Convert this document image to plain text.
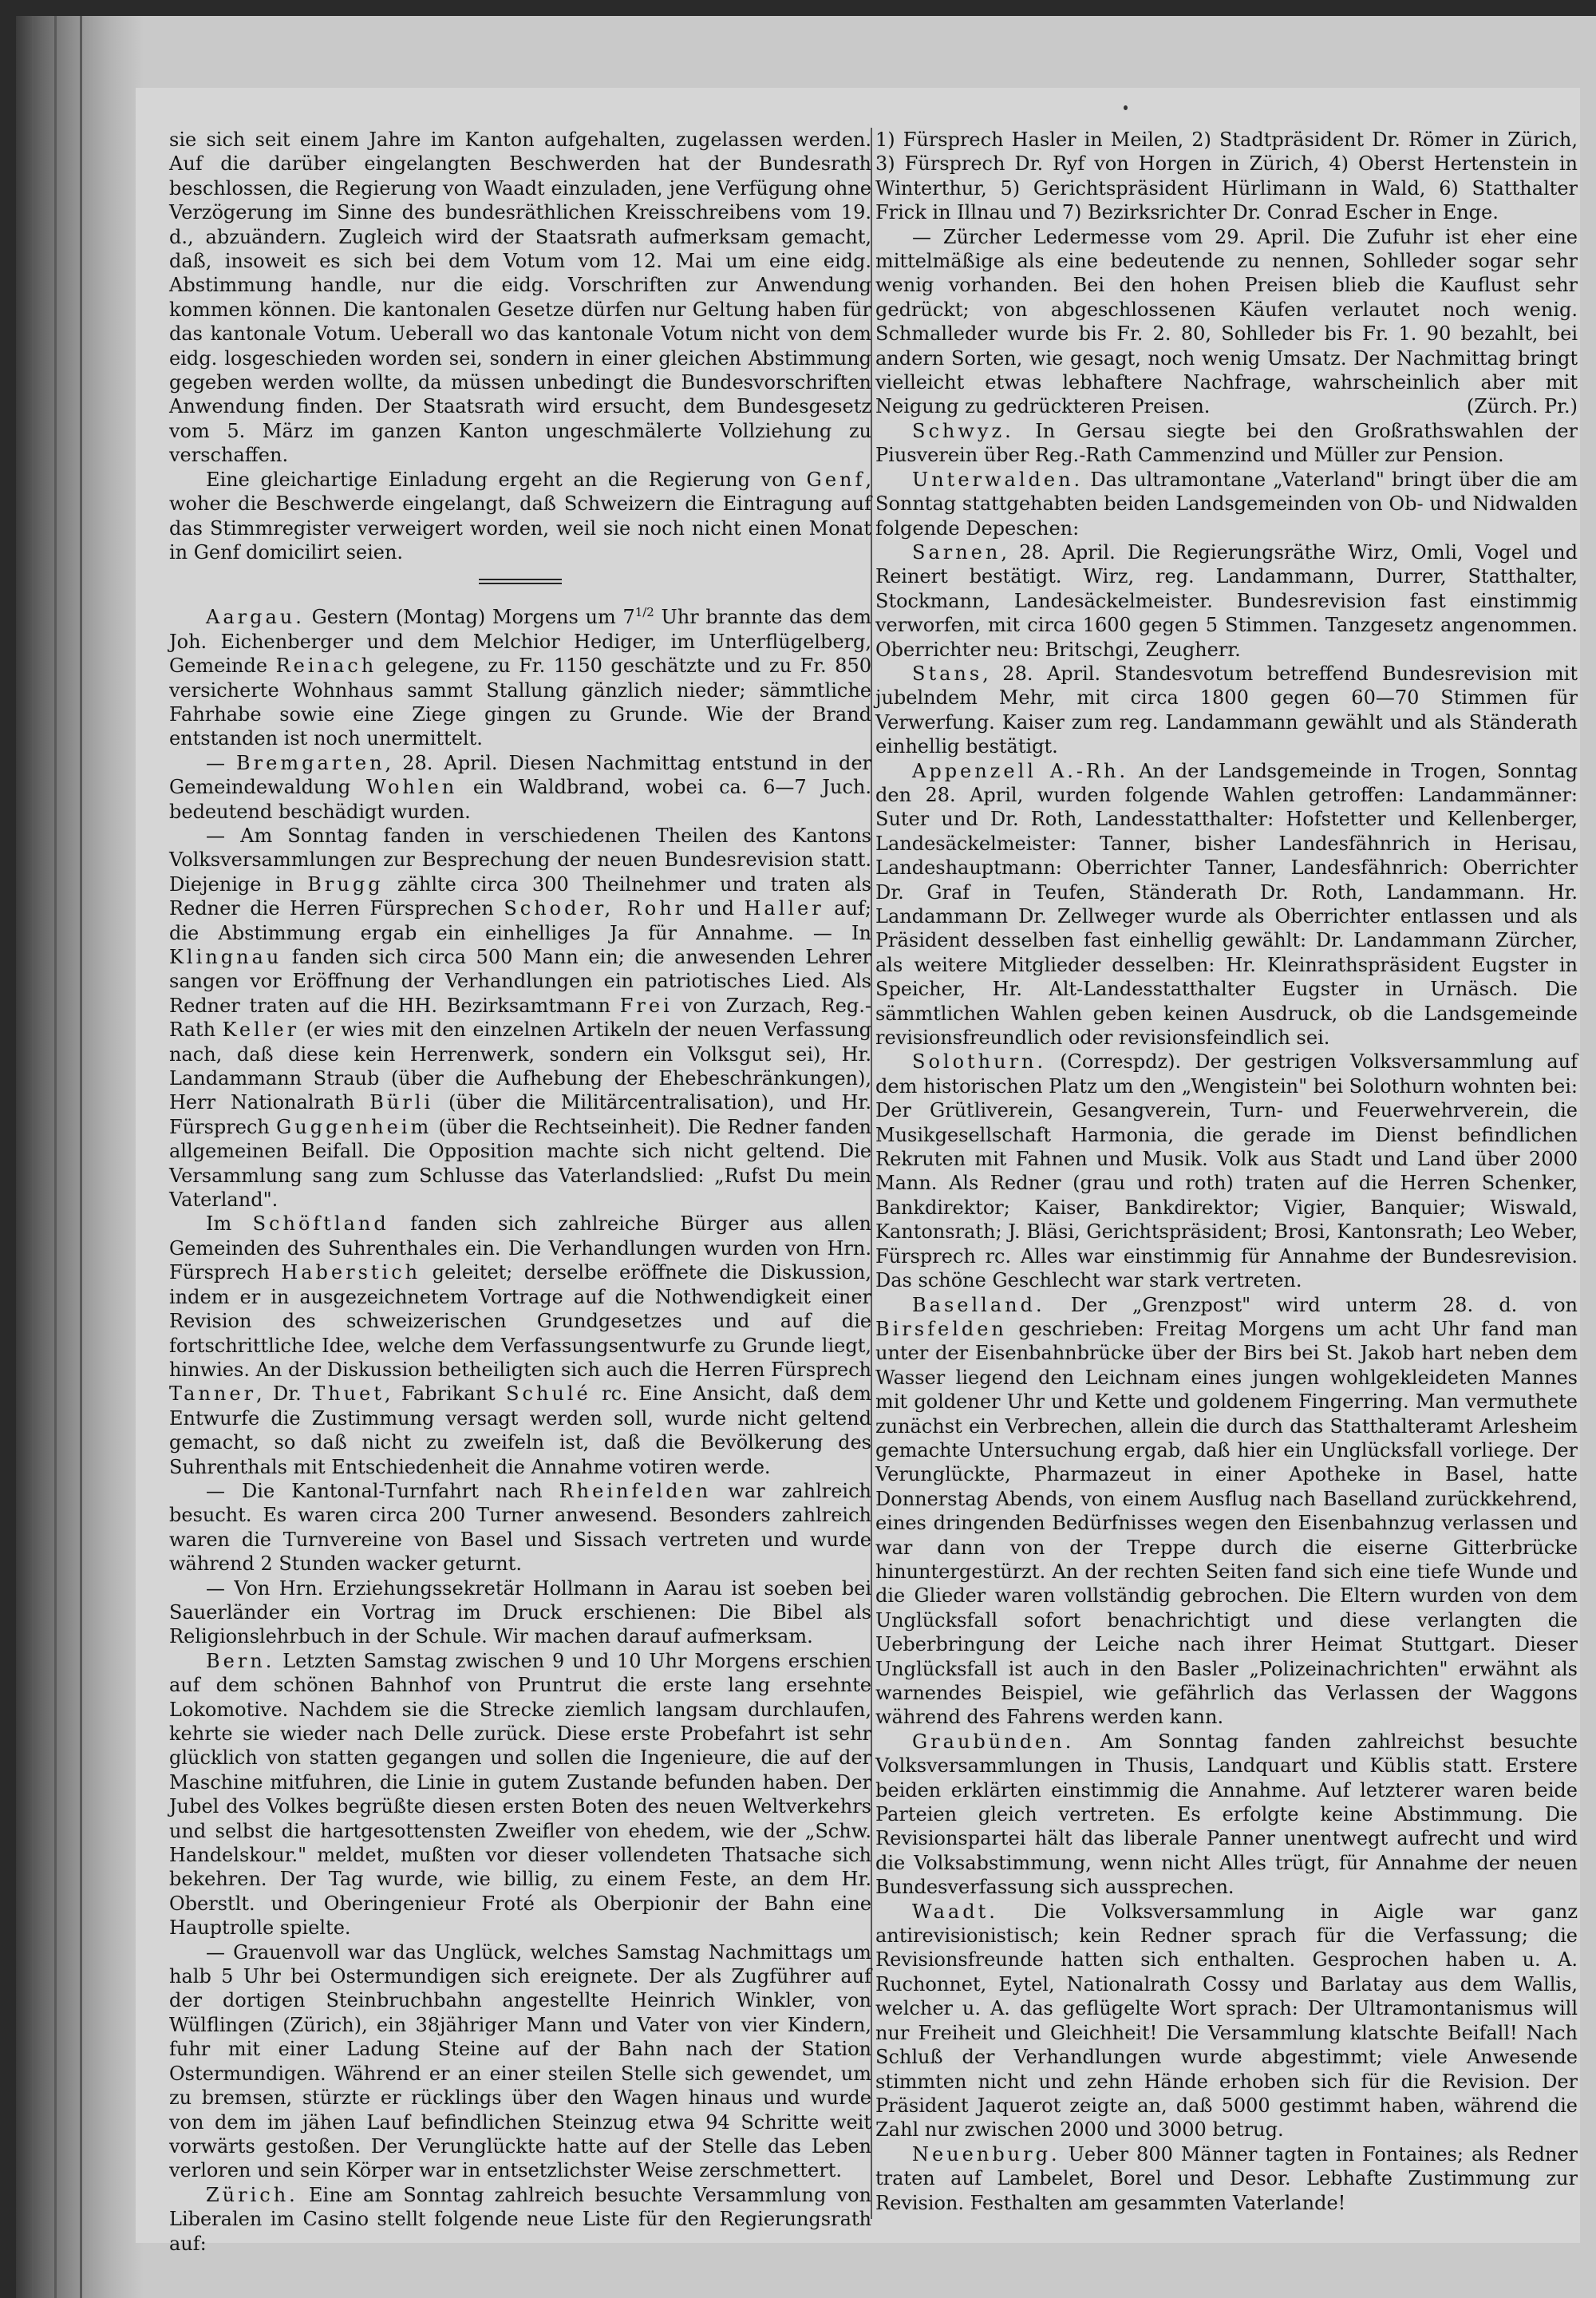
sie sich seit einem Jahre im Kanton aufgehalten, zugelassen werden. Auf die darüber eingelangten Beschwerden hat der Bundesrath beschlossen, die Regierung von Waadt einzuladen, jene Verfügung ohne Verzögerung im Sinne des bundesräthlichen Kreisschreibens vom 19. d., abzuändern. Zugleich wird der Staatsrath aufmerksam gemacht, daß, insoweit es sich bei dem Votum vom 12. Mai um eine eidg. Abstimmung handle, nur die eidg. Vorschriften zur Anwendung kommen können. Die kantonalen Gesetze dürfen nur Geltung haben für das kantonale Votum. Ueberall wo das kantonale Votum nicht von dem eidg. losgeschieden worden sei, sondern in einer gleichen Abstimmung gegeben werden wollte, da müssen unbedingt die Bundesvorschriften Anwendung finden. Der Staatsrath wird ersucht, dem Bundesgesetz vom 5. März im ganzen Kanton ungeschmälerte Vollziehung zu verschaffen.

Eine gleichartige Einladung ergeht an die Regierung von Genf, woher die Beschwerde eingelangt, daß Schweizern die Eintragung auf das Stimmregister verweigert worden, weil sie noch nicht einen Monat in Genf domicilirt seien.

Aargau. Gestern (Montag) Morgens um $7^{1/2}$ Uhr brannte das dem Joh. Eichenberger und dem Melchior Hediger, im Unterflügelberg, Gemeinde Reinach gelegene, zu Fr. 1150 geschätzte und zu Fr. 850 versicherte Wohnhaus sammt Stallung gänzlich nieder; sämmtliche Fahrhabe sowie eine Ziege gingen zu Grunde. Wie der Brand entstanden ist noch unermittelt.

— Bremgarten, 28. April. Diesen Nachmittag entstund in der Gemeindewaldung Wohlen ein Waldbrand, wobei ca. 6—7 Juch. bedeutend beschädigt wurden.

— Am Sonntag fanden in verschiedenen Theilen des Kantons Volksversammlungen zur Besprechung der neuen Bundesrevision statt. Diejenige in Brugg zählte circa 300 Theilnehmer und traten als Redner die Herren Fürsprechen Schoder, Rohr und Haller auf; die Abstimmung ergab ein einhelliges Ja für Annahme. — In Klingnau fanden sich circa 500 Mann ein; die anwesenden Lehrer sangen vor Eröffnung der Verhandlungen ein patriotisches Lied. Als Redner traten auf die HH. Bezirksamtmann Frei von Zurzach, Reg.-Rath Keller (er wies mit den einzelnen Artikeln der neuen Verfassung nach, daß diese kein Herrenwerk, sondern ein Volksgut sei), Hr. Landammann Straub (über die Aufhebung der Ehebeschränkungen), Herr Nationalrath Bürli (über die Militärcentralisation), und Hr. Fürsprech Guggenheim (über die Rechtseinheit). Die Redner fanden allgemeinen Beifall. Die Opposition machte sich nicht geltend. Die Versammlung sang zum Schlusse das Vaterlandslied: „Rufst Du mein Vaterland".

Im Schöftland fanden sich zahlreiche Bürger aus allen Gemeinden des Suhrenthales ein. Die Verhandlungen wurden von Hrn. Fürsprech Haberstich geleitet; derselbe eröffnete die Diskussion, indem er in ausgezeichnetem Vortrage auf die Nothwendigkeit einer Revision des schweizerischen Grundgesetzes und auf die fortschrittliche Idee, welche dem Verfassungsentwurfe zu Grunde liegt, hinwies. An der Diskussion betheiligten sich auch die Herren Fürsprech Tanner, Dr. Thuet, Fabrikant Schulé rc. Eine Ansicht, daß dem Entwurfe die Zustimmung versagt werden soll, wurde nicht geltend gemacht, so daß nicht zu zweifeln ist, daß die Bevölkerung des Suhrenthals mit Entschiedenheit die Annahme votiren werde.

— Die Kantonal-Turnfahrt nach Rheinfelden war zahlreich besucht. Es waren circa 200 Turner anwesend. Besonders zahlreich waren die Turnvereine von Basel und Sissach vertreten und wurde während 2 Stunden wacker geturnt.

— Von Hrn. Erziehungssekretär Hollmann in Aarau ist soeben bei Sauerländer ein Vortrag im Druck erschienen: Die Bibel als Religionslehrbuch in der Schule. Wir machen darauf aufmerksam.

Bern. Letzten Samstag zwischen 9 und 10 Uhr Morgens erschien auf dem schönen Bahnhof von Pruntrut die erste lang ersehnte Lokomotive. Nachdem sie die Strecke ziemlich langsam durchlaufen, kehrte sie wieder nach Delle zurück. Diese erste Probefahrt ist sehr glücklich von statten gegangen und sollen die Ingenieure, die auf der Maschine mitfuhren, die Linie in gutem Zustande befunden haben. Der Jubel des Volkes begrüßte diesen ersten Boten des neuen Weltverkehrs und selbst die hartgesottensten Zweifler von ehedem, wie der „Schw. Handelskour." meldet, mußten vor dieser vollendeten Thatsache sich bekehren. Der Tag wurde, wie billig, zu einem Feste, an dem Hr. Oberstlt. und Oberingenieur Froté als Oberpionir der Bahn eine Hauptrolle spielte.

— Grauenvoll war das Unglück, welches Samstag Nachmittags um halb 5 Uhr bei Ostermundigen sich ereignete. Der als Zugführer auf der dortigen Steinbruchbahn angestellte Heinrich Winkler, von Wülflingen (Zürich), ein 38jähriger Mann und Vater von vier Kindern, fuhr mit einer Ladung Steine auf der Bahn nach der Station Ostermundigen. Während er an einer steilen Stelle sich gewendet, um zu bremsen, stürzte er rücklings über den Wagen hinaus und wurde von dem im jähen Lauf befindlichen Steinzug etwa 94 Schritte weit vorwärts gestoßen. Der Verunglückte hatte auf der Stelle das Leben verloren und sein Körper war in entsetzlichster Weise zerschmettert.

Zürich. Eine am Sonntag zahlreich besuchte Versammlung von Liberalen im Casino stellt folgende neue Liste für den Regierungsrath auf:

1) Fürsprech Hasler in Meilen, 2) Stadtpräsident Dr. Römer in Zürich, 3) Fürsprech Dr. Ryf von Horgen in Zürich, 4) Oberst Hertenstein in Winterthur, 5) Gerichtspräsident Hürlimann in Wald, 6) Statthalter Frick in Illnau und 7) Bezirksrichter Dr. Conrad Escher in Enge.

— Zürcher Ledermesse vom 29. April. Die Zufuhr ist eher eine mittelmäßige als eine bedeutende zu nennen, Sohlleder sogar sehr wenig vorhanden. Bei den hohen Preisen blieb die Kauflust sehr gedrückt; von abgeschlossenen Käufen verlautet noch wenig. Schmalleder wurde bis Fr. 2. 80, Sohlleder bis Fr. 1. 90 bezahlt, bei andern Sorten, wie gesagt, noch wenig Umsatz. Der Nachmittag bringt vielleicht etwas lebhaftere Nachfrage, wahrscheinlich aber mit Neigung zu gedrückteren Preisen.	(Zürch. Pr.)

Schwyz. In Gersau siegte bei den Großrathswahlen der Piusverein über Reg.-Rath Cammenzind und Müller zur Pension.

Unterwalden. Das ultramontane „Vaterland" bringt über die am Sonntag stattgehabten beiden Landsgemeinden von Ob- und Nidwalden folgende Depeschen:

Sarnen, 28. April. Die Regierungsräthe Wirz, Omli, Vogel und Reinert bestätigt. Wirz, reg. Landammann, Durrer, Statthalter, Stockmann, Landesäckelmeister. Bundesrevision fast einstimmig verworfen, mit circa 1600 gegen 5 Stimmen. Tanzgesetz angenommen. Oberrichter neu: Britschgi, Zeugherr.

Stans, 28. April. Standesvotum betreffend Bundesrevision mit jubelndem Mehr, mit circa 1800 gegen 60—70 Stimmen für Verwerfung. Kaiser zum reg. Landammann gewählt und als Ständerath einhellig bestätigt.

Appenzell A.-Rh. An der Landsgemeinde in Trogen, Sonntag den 28. April, wurden folgende Wahlen getroffen: Landammänner: Suter und Dr. Roth, Landesstatthalter: Hofstetter und Kellenberger, Landesäckelmeister: Tanner, bisher Landesfähnrich in Herisau, Landeshauptmann: Oberrichter Tanner, Landesfähnrich: Oberrichter Dr. Graf in Teufen, Ständerath Dr. Roth, Landammann. Hr. Landammann Dr. Zellweger wurde als Oberrichter entlassen und als Präsident desselben fast einhellig gewählt: Dr. Landammann Zürcher, als weitere Mitglieder desselben: Hr. Kleinrathspräsident Eugster in Speicher, Hr. Alt-Landesstatthalter Eugster in Urnäsch. Die sämmtlichen Wahlen geben keinen Ausdruck, ob die Landsgemeinde revisionsfreundlich oder revisionsfeindlich sei.

Solothurn. (Correspdz). Der gestrigen Volksversammlung auf dem historischen Platz um den „Wengistein" bei Solothurn wohnten bei: Der Grütliverein, Gesangverein, Turn- und Feuerwehrverein, die Musikgesellschaft Harmonia, die gerade im Dienst befindlichen Rekruten mit Fahnen und Musik. Volk aus Stadt und Land über 2000 Mann. Als Redner (grau und roth) traten auf die Herren Schenker, Bankdirektor; Kaiser, Bankdirektor; Vigier, Banquier; Wiswald, Kantonsrath; J. Bläsi, Gerichtspräsident; Brosi, Kantonsrath; Leo Weber, Fürsprech rc. Alles war einstimmig für Annahme der Bundesrevision. Das schöne Geschlecht war stark vertreten.

Baselland. Der „Grenzpost" wird unterm 28. d. von Birsfelden geschrieben: Freitag Morgens um acht Uhr fand man unter der Eisenbahnbrücke über der Birs bei St. Jakob hart neben dem Wasser liegend den Leichnam eines jungen wohlgekleideten Mannes mit goldener Uhr und Kette und goldenem Fingerring. Man vermuthete zunächst ein Verbrechen, allein die durch das Statthalteramt Arlesheim gemachte Untersuchung ergab, daß hier ein Unglücksfall vorliege. Der Verunglückte, Pharmazeut in einer Apotheke in Basel, hatte Donnerstag Abends, von einem Ausflug nach Baselland zurückkehrend, eines dringenden Bedürfnisses wegen den Eisenbahnzug verlassen und war dann von der Treppe durch die eiserne Gitterbrücke hinuntergestürzt. An der rechten Seiten fand sich eine tiefe Wunde und die Glieder waren vollständig gebrochen. Die Eltern wurden von dem Unglücksfall sofort benachrichtigt und diese verlangten die Ueberbringung der Leiche nach ihrer Heimat Stuttgart. Dieser Unglücksfall ist auch in den Basler „Polizeinachrichten" erwähnt als warnendes Beispiel, wie gefährlich das Verlassen der Waggons während des Fahrens werden kann.

Graubünden. Am Sonntag fanden zahlreichst besuchte Volksversammlungen in Thusis, Landquart und Küblis statt. Erstere beiden erklärten einstimmig die Annahme. Auf letzterer waren beide Parteien gleich vertreten. Es erfolgte keine Abstimmung. Die Revisionspartei hält das liberale Panner unentwegt aufrecht und wird die Volksabstimmung, wenn nicht Alles trügt, für Annahme der neuen Bundesverfassung sich aussprechen.

Waadt. Die Volksversammlung in Aigle war ganz antirevisionistisch; kein Redner sprach für die Verfassung; die Revisionsfreunde hatten sich enthalten. Gesprochen haben u. A. Ruchonnet, Eytel, Nationalrath Cossy und Barlatay aus dem Wallis, welcher u. A. das geflügelte Wort sprach: Der Ultramontanismus will nur Freiheit und Gleichheit! Die Versammlung klatschte Beifall! Nach Schluß der Verhandlungen wurde abgestimmt; viele Anwesende stimmten nicht und zehn Hände erhoben sich für die Revision. Der Präsident Jaquerot zeigte an, daß 5000 gestimmt haben, während die Zahl nur zwischen 2000 und 3000 betrug.

Neuenburg. Ueber 800 Männer tagten in Fontaines; als Redner traten auf Lambelet, Borel und Desor. Lebhafte Zustimmung zur Revision. Festhalten am gesammten Vaterlande!
